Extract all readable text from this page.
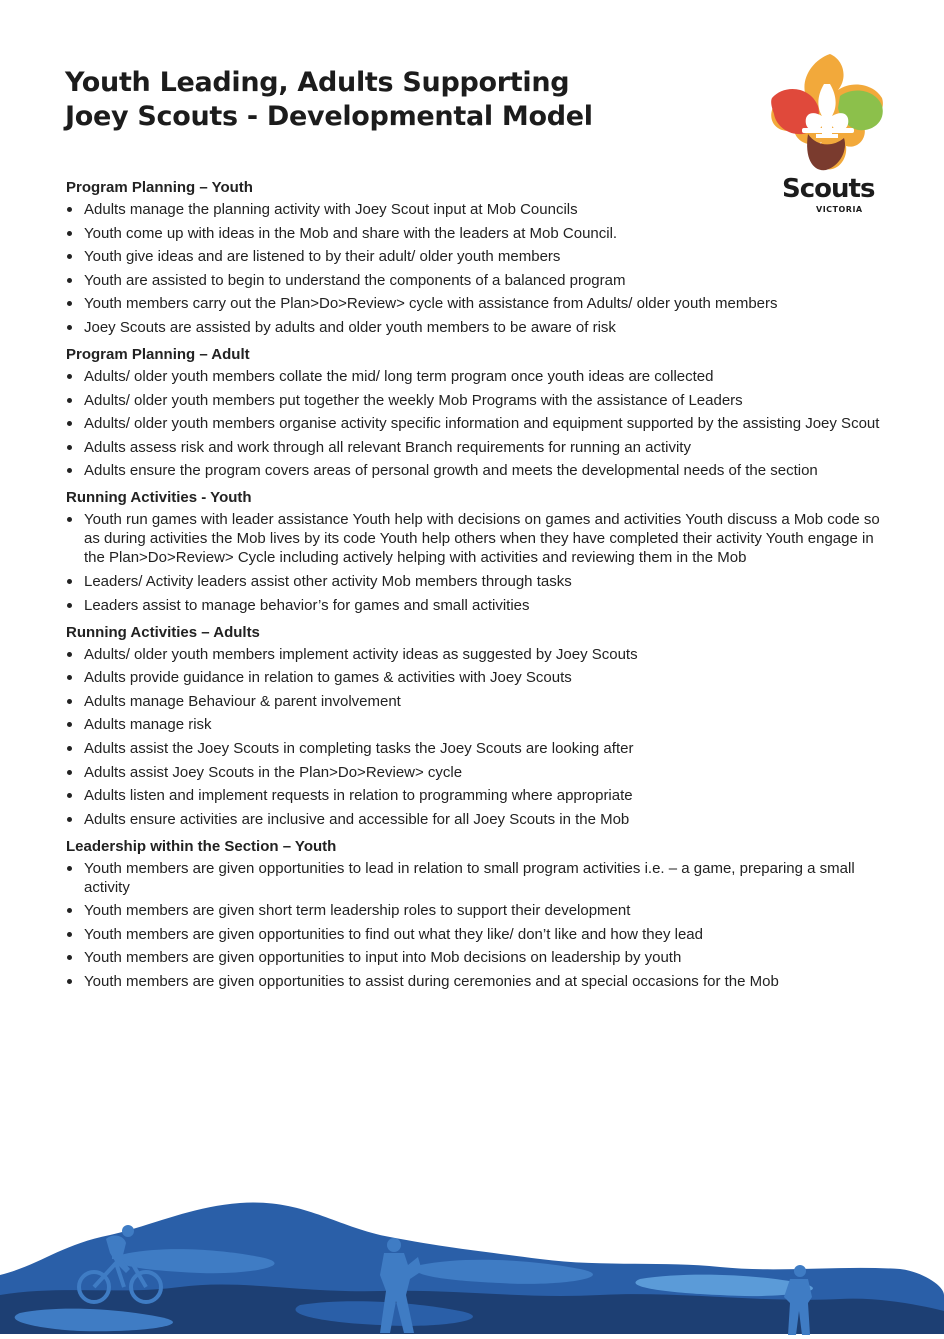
Youth Leading, Adults Supporting
Joey Scouts - Developmental Model
Scouts
VICTORIA
Program Planning – Youth
Adults manage the planning activity with Joey Scout input at Mob Councils
Youth come up with ideas in the Mob and share with the leaders at Mob Council.
Youth give ideas and are listened to by their adult/ older youth members
Youth are assisted to begin to understand the components of a balanced program
Youth members carry out the Plan>Do>Review> cycle with assistance from Adults/ older youth members
Joey Scouts are assisted by adults and older youth members to be aware of risk
Program Planning – Adult
Adults/ older youth members collate the mid/ long term program once youth ideas are collected
Adults/ older youth members put together the weekly Mob Programs with the assistance of Leaders
Adults/ older youth members organise activity specific information and equipment supported by the assisting Joey Scout
Adults assess risk and work through all relevant Branch requirements for running an activity
Adults ensure the program covers areas of personal growth and meets the developmental needs of the section
Running Activities - Youth
Youth run games with leader assistance Youth help with decisions on games and activities Youth discuss a Mob code so as during activities the Mob lives by its code Youth help others when they have completed their activity Youth engage in the Plan>Do>Review> Cycle including actively helping with activities and reviewing them in the Mob
Leaders/ Activity leaders assist other activity Mob members through tasks
Leaders assist to manage behavior’s for games and small activities
Running Activities – Adults
Adults/ older youth members implement activity ideas as suggested by Joey Scouts
Adults provide guidance in relation to games & activities with Joey Scouts
Adults manage Behaviour & parent involvement
Adults manage risk
Adults assist the Joey Scouts in completing tasks the Joey Scouts are looking after
Adults assist Joey Scouts in the Plan>Do>Review> cycle
Adults listen and implement requests in relation to programming where appropriate
Adults ensure activities are inclusive and accessible for all Joey Scouts in the Mob
Leadership within the Section – Youth
Youth members are given opportunities to lead in relation to small program activities i.e. – a game, preparing a small activity
Youth members are given short term leadership roles to support their development
Youth members are given opportunities to find out what they like/ don’t like and how they lead
Youth members are given opportunities to input into Mob decisions on leadership by youth
Youth members are given opportunities to assist during ceremonies and at special occasions for the Mob
